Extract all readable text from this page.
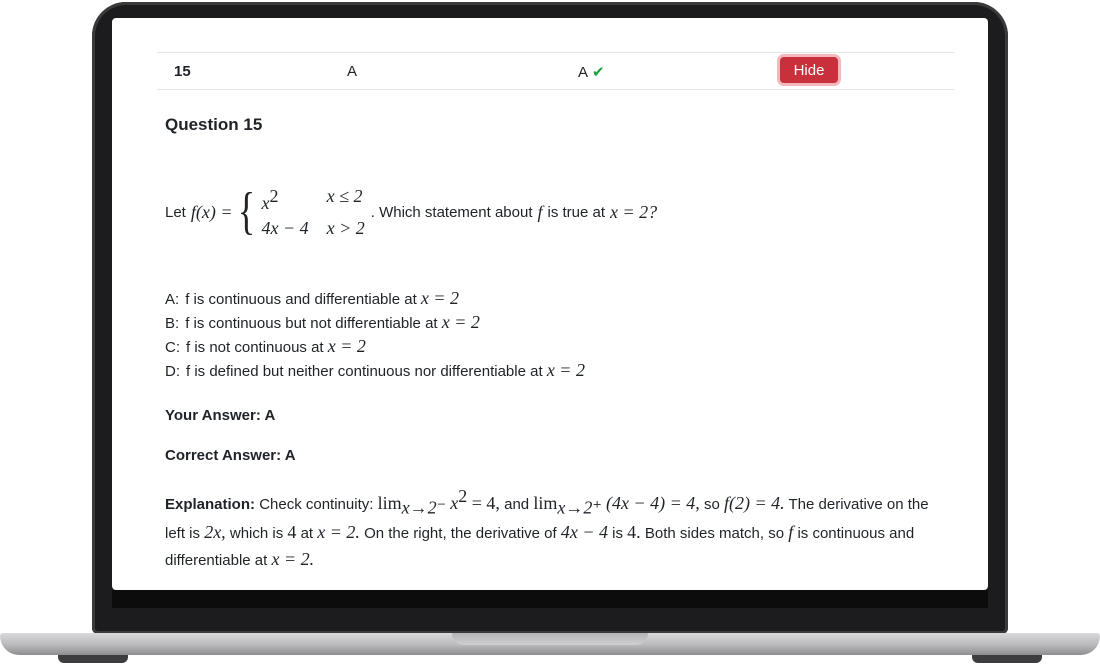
15	A	A ✔	Hide
Question 15
Let f(x) = { $x^2$	x ≤ 2
4x − 4 x > 2
. Which statement about f is true at x = 2?
A: f is continuous and differentiable at x = 2
B: f is continuous but not differentiable at x = 2
C: f is not continuous at x = 2
D: f is defined but neither continuous nor differentiable at x = 2
Your Answer: A
Correct Answer: A
Explanation: Check continuity: $\lim_{x\to 2^-} x^2 = 4$, and $\lim_{x\to 2^+} (4x - 4) = 4$, so f(2) = 4. The derivative on the left is 2x, which is 4 at x = 2. On the right, the derivative of 4x − 4 is 4. Both sides match, so f is continuous and differentiable at x = 2.
